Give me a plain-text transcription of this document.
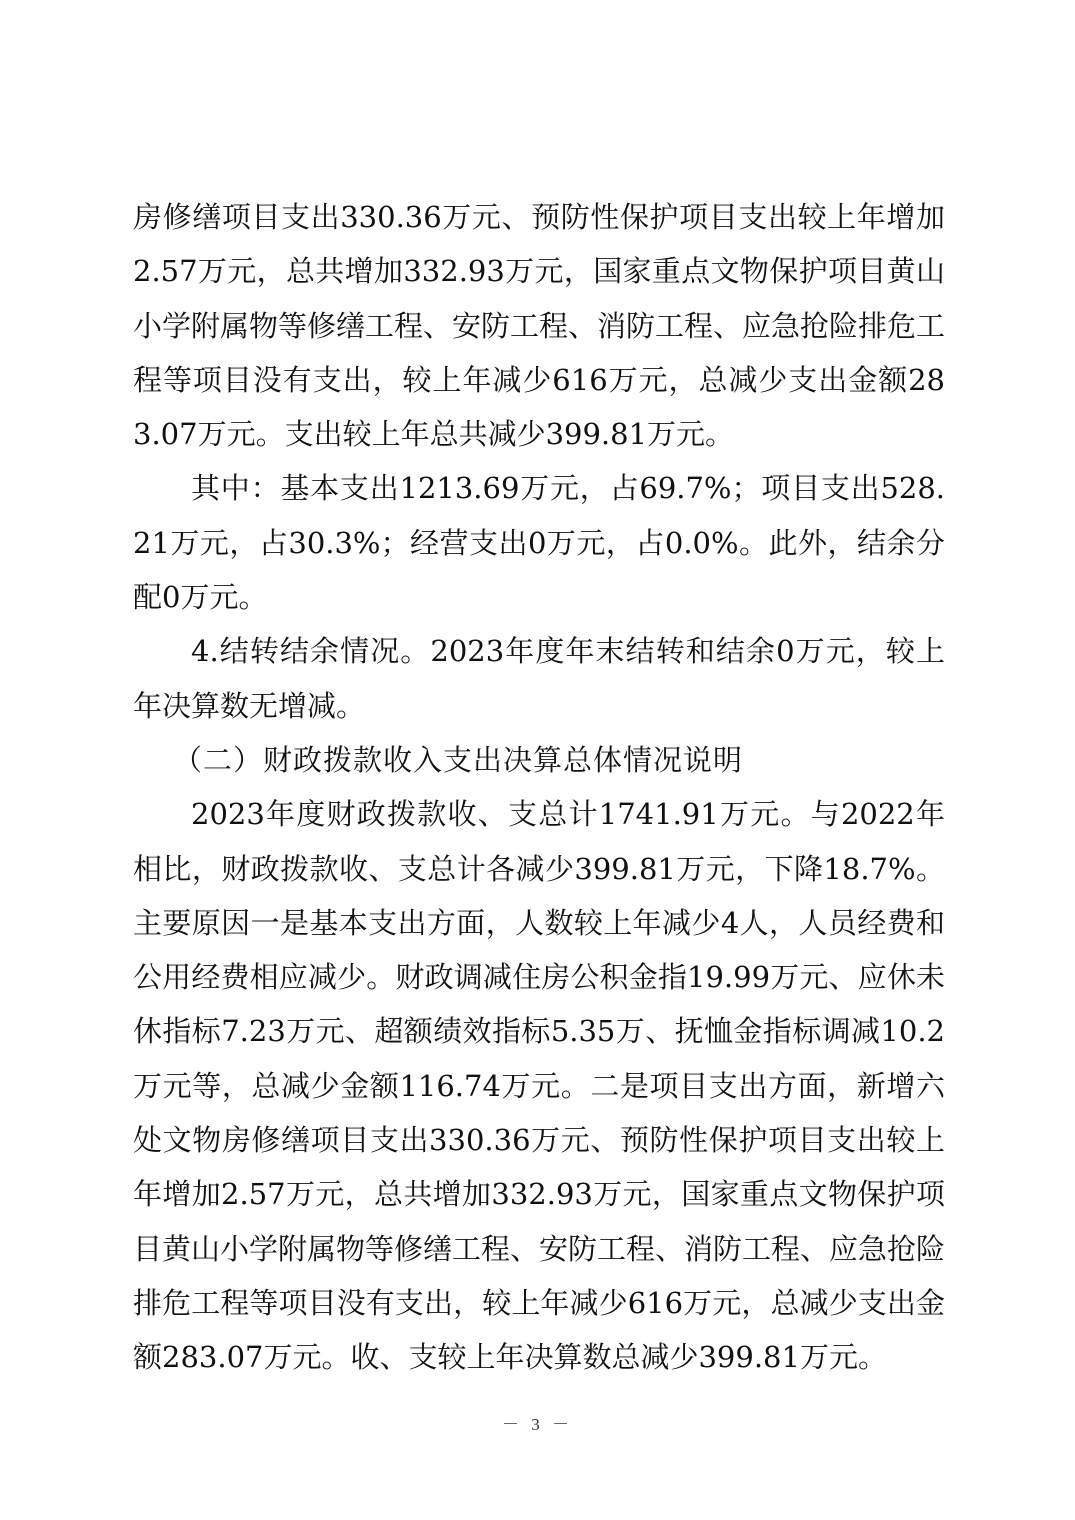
房修缮项目支出330.36万元、预防性保护项目支出较上年增加2.57万元，总共增加332.93万元，国家重点文物保护项目黄山小学附属物等修缮工程、安防工程、消防工程、应急抢险排危工程等项目没有支出，较上年减少616万元，总减少支出金额283.07万元。支出较上年总共减少399.81万元。

其中：基本支出1213.69万元，占69.7%；项目支出528.21万元，占30.3%；经营支出0万元，占0.0%。此外，结余分配0万元。

4.结转结余情况。2023年度年末结转和结余0万元，较上年决算数无增减。

（二）财政拨款收入支出决算总体情况说明

2023年度财政拨款收、支总计1741.91万元。与2022年相比，财政拨款收、支总计各减少399.81万元，下降18.7%。主要原因一是基本支出方面，人数较上年减少4人，人员经费和公用经费相应减少。财政调减住房公积金指19.99万元、应休未休指标7.23万元、超额绩效指标5.35万、抚恤金指标调减10.2万元等，总减少金额116.74万元。二是项目支出方面，新增六处文物房修缮项目支出330.36万元、预防性保护项目支出较上年增加2.57万元，总共增加332.93万元，国家重点文物保护项目黄山小学附属物等修缮工程、安防工程、消防工程、应急抢险排危工程等项目没有支出，较上年减少616万元，总减少支出金额283.07万元。收、支较上年决算数总减少399.81万元。

－ 3 －
